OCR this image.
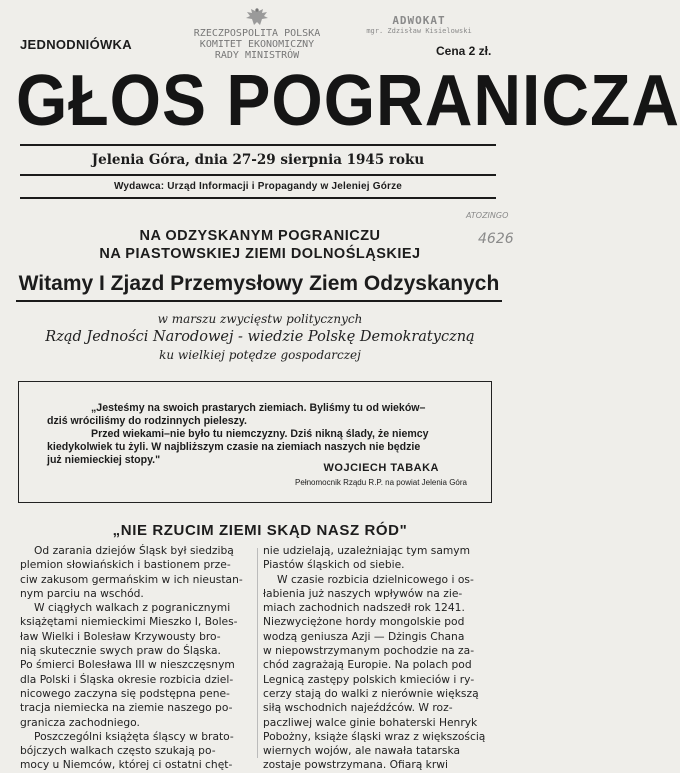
RZECZPOSPOLITA POLSKA
KOMITET EKONOMICZNY
RADY MINISTRÓW
ADWOKAT
mgr. Zdzisław Kisielowski
JEDNODNIÓWKA	Cena 2 zł.
GŁOS POGRANICZA
Jelenia Góra, dnia 27-29 sierpnia 1945 roku
Wydawca: Urząd Informacji i Propagandy w Jeleniej Górze
ATOZINGO
4626
NA ODZYSKANYM POGRANICZU
NA PIASTOWSKIEJ ZIEMI DOLNOŚLĄSKIEJ
Witamy I Zjazd Przemysłowy Ziem Odzyskanych
w marszu zwycięstw politycznych
Rząd Jedności Narodowej - wiedzie Polskę Demokratyczną
ku wielkiej potędze gospodarczej
„Jesteśmy na swoich prastarych ziemiach. Byliśmy tu od wieków–
dziś wróciliśmy do rodzinnych pieleszy.
Przed wiekami–nie było tu niemczyzny. Dziś nikną ślady, że niemcy
kiedykolwiek tu żyli. W najbliższym czasie na ziemiach naszych nie będzie
już niemieckiej stopy."
WOJCIECH TABAKA
Pełnomocnik Rządu R.P. na powiat Jelenia Góra
„NIE RZUCIM ZIEMI SKĄD NASZ RÓD"
Od zarania dziejów Śląsk był siedzibą
plemion słowiańskich i bastionem prze-
ciw zakusom germańskim w ich nieustan-
nym parciu na wschód.
W ciągłych walkach z pogranicznymi
książętami niemieckimi Mieszko I, Boles-
ław Wielki i Bolesław Krzywousty bro-
nią skutecznie swych praw do Śląska.
Po śmierci Bolesława III w nieszczęsnym
dla Polski i Śląska okresie rozbicia dziel-
nicowego zaczyna się podstępna pene-
tracja niemiecka na ziemie naszego po-
granicza zachodniego.
Poszczególni książęta śląscy w brato-
bójczych walkach często szukają po-
mocy u Niemców, której ci ostatni chęt-
nie udzielają, uzależniając tym samym
Piastów śląskich od siebie.
W czasie rozbicia dzielnicowego i os-
łabienia już naszych wpływów na zie-
miach zachodnich nadszedł rok 1241.
Niezwyciężone hordy mongolskie pod
wodzą geniusza Azji — Dżingis Chana
w niepowstrzymanym pochodzie na za-
chód zagrażają Europie. Na polach pod
Legnicą zastępy polskich kmieciów i ry-
cerzy stają do walki z nierównie większą
siłą wschodnich najeźdźców. W roz-
paczliwej walce ginie bohaterski Henryk
Pobożny, książe śląski wraz z większością
wiernych wojów, ale nawała tatarska
zostaje powstrzymana. Ofiarą krwi
